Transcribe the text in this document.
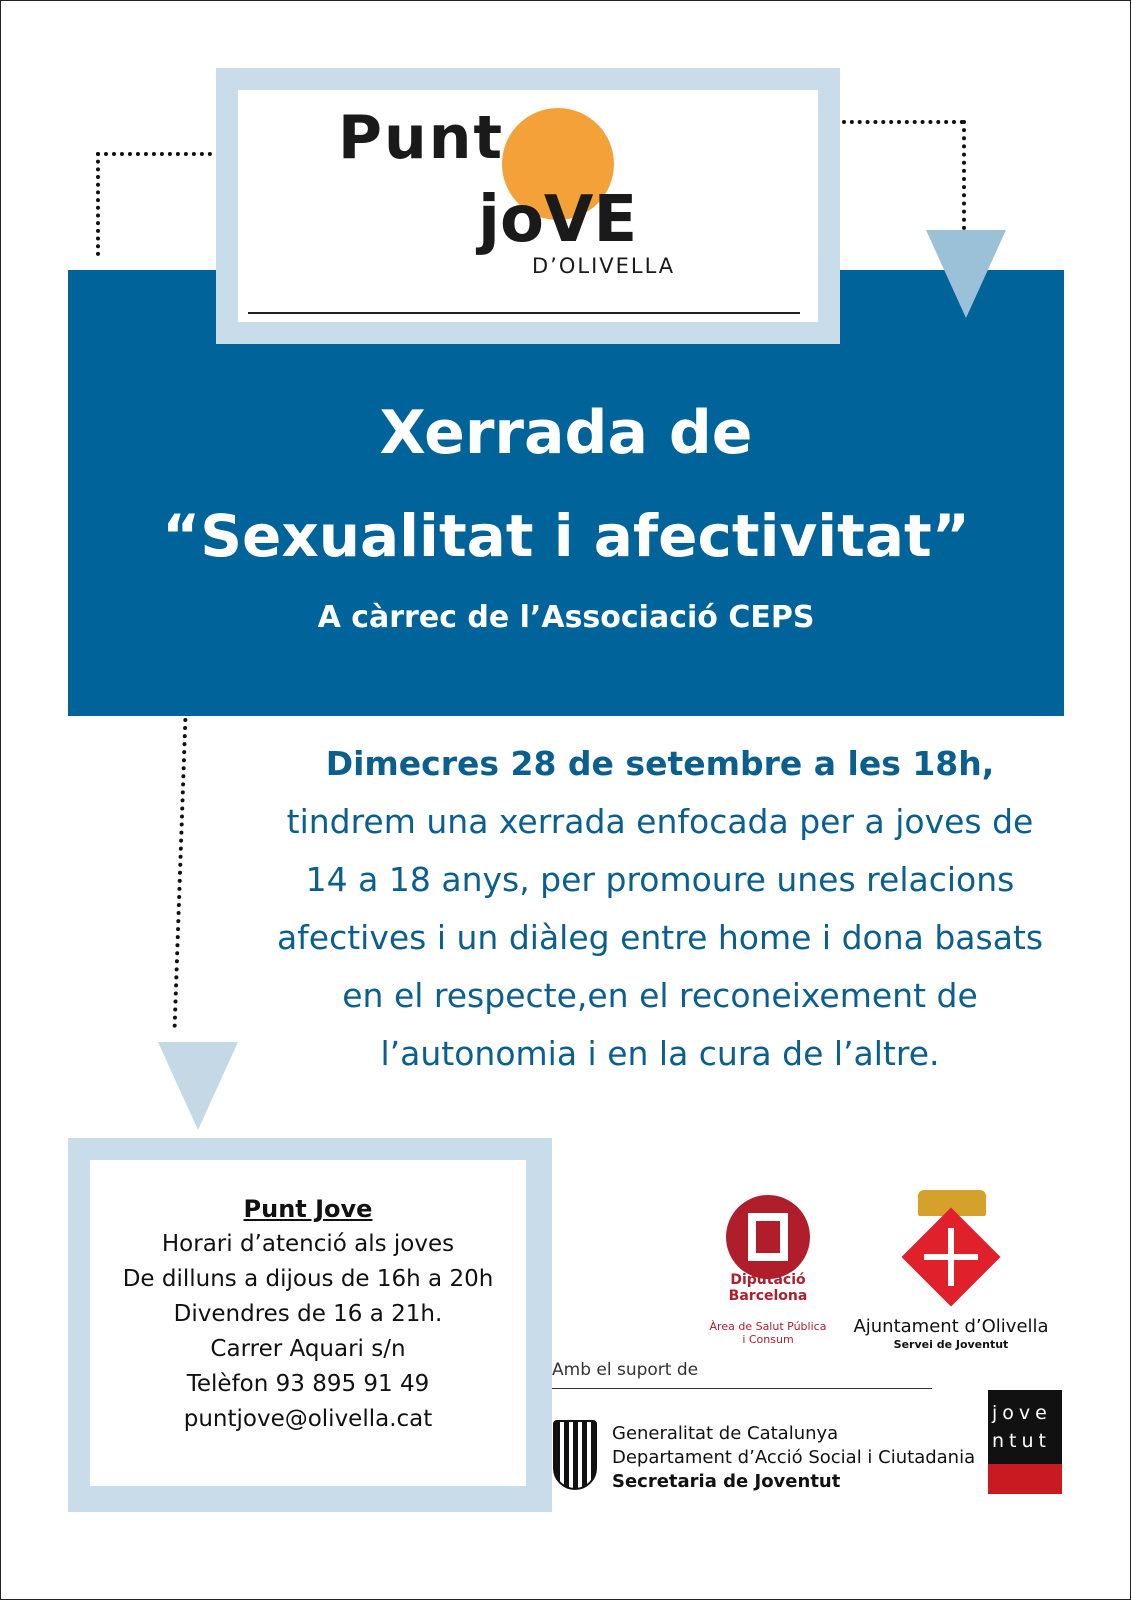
Xerrada de
“Sexualitat i afectivitat”
A càrrec de l’Associació CEPS
Punt
joVE
D’OLIVELLA
Dimecres 28 de setembre a les 18h,
tindrem una xerrada enfocada per a joves de
14 a 18 anys, per promoure unes relacions
afectives i un diàleg entre home i dona basats
en el respecte,en el reconeixement de
l’autonomia i en la cura de l’altre.
Punt Jove
Horari d’atenció als joves
De dilluns a dijous de 16h a 20h
Divendres de 16 a 21h.
Carrer Aquari s/n
Telèfon 93 895 91 49
puntjove@olivella.cat
Diputació
Barcelona
Àrea de Salut Pública
i Consum
Ajuntament d’Olivella
Servei de Joventut
Amb el suport de
Generalitat de Catalunya
Departament d’Acció Social i Ciutadania
Secretaria de Joventut
jove
ntut
